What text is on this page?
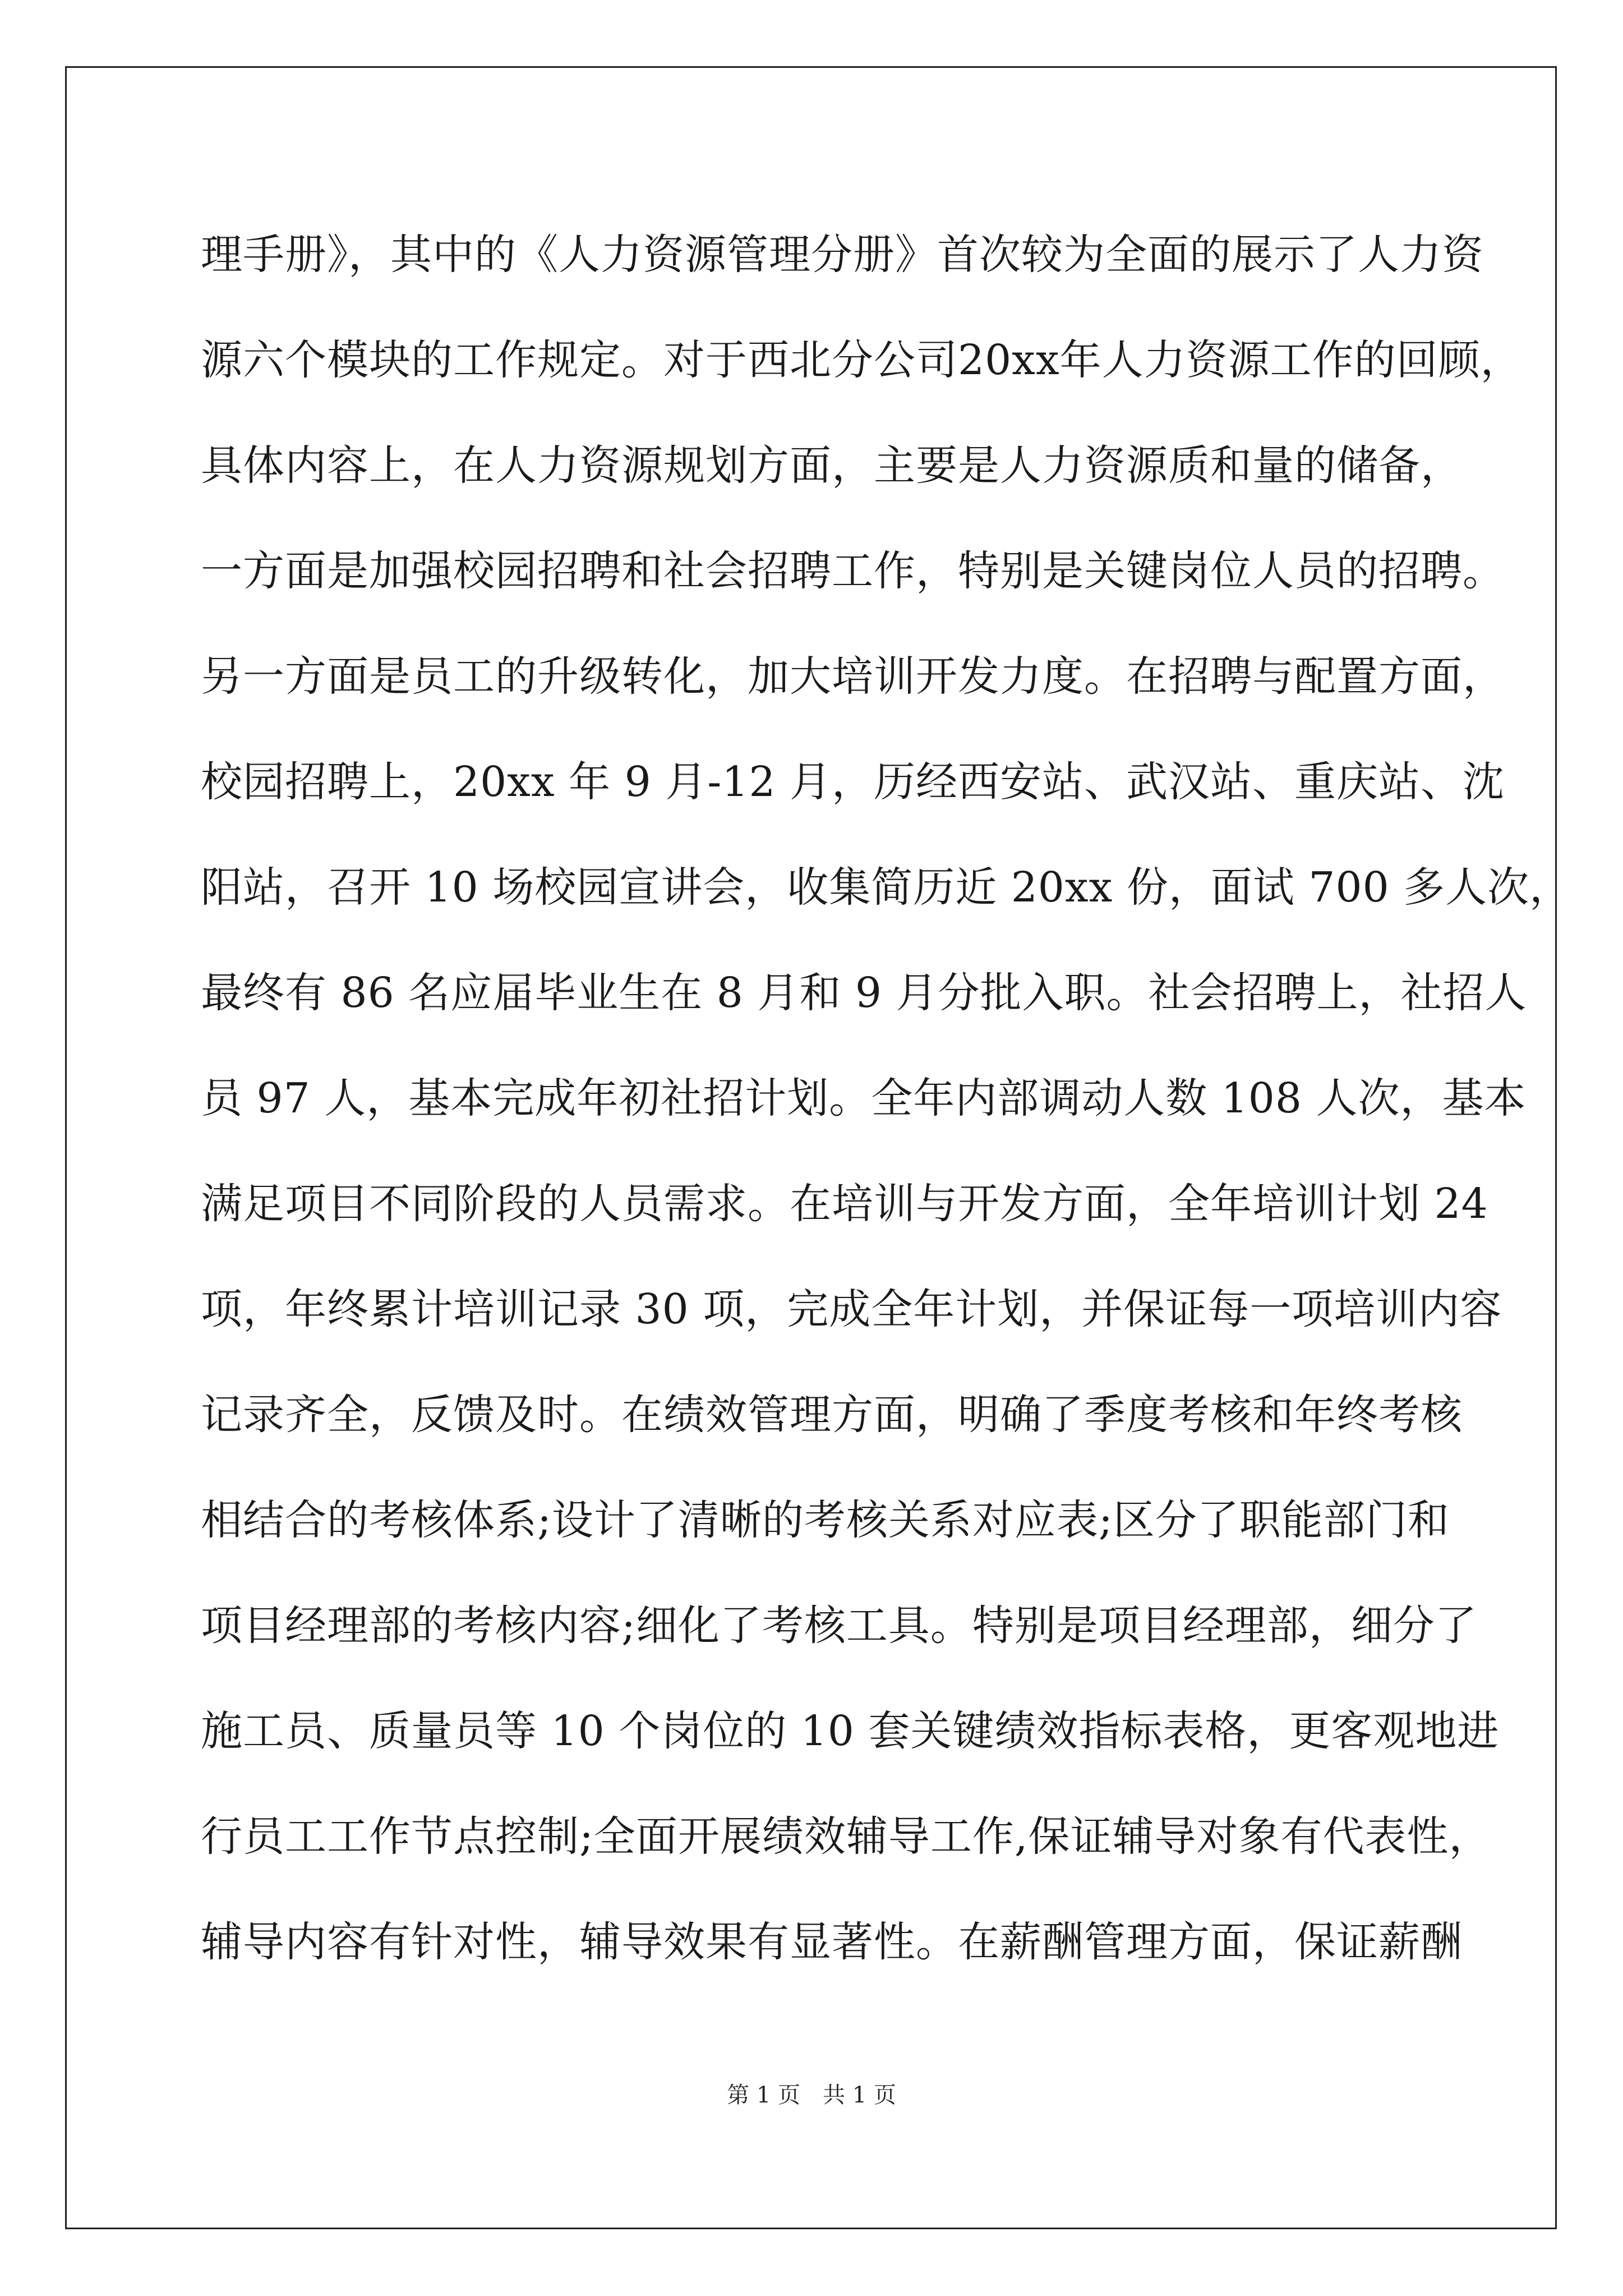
理手册》，其中的《人力资源管理分册》首次较为全面的展示了人力资
源六个模块的工作规定。对于西北分公司20xx年人力资源工作的回顾，
具体内容上，在人力资源规划方面，主要是人力资源质和量的储备，
一方面是加强校园招聘和社会招聘工作，特别是关键岗位人员的招聘。
另一方面是员工的升级转化，加大培训开发力度。在招聘与配置方面，
校园招聘上，20xx 年 9 月-12 月，历经西安站、武汉站、重庆站、沈
阳站，召开 10 场校园宣讲会，收集简历近 20xx 份，面试 700 多人次，
最终有 86 名应届毕业生在 8 月和 9 月分批入职。社会招聘上，社招人
员 97 人，基本完成年初社招计划。全年内部调动人数 108 人次，基本
满足项目不同阶段的人员需求。在培训与开发方面，全年培训计划 24
项，年终累计培训记录 30 项，完成全年计划，并保证每一项培训内容
记录齐全，反馈及时。在绩效管理方面，明确了季度考核和年终考核
相结合的考核体系;设计了清晰的考核关系对应表;区分了职能部门和
项目经理部的考核内容;细化了考核工具。特别是项目经理部，细分了
施工员、质量员等 10 个岗位的 10 套关键绩效指标表格，更客观地进
行员工工作节点控制;全面开展绩效辅导工作,保证辅导对象有代表性，
辅导内容有针对性，辅导效果有显著性。在薪酬管理方面，保证薪酬
第 1 页　共 1 页
